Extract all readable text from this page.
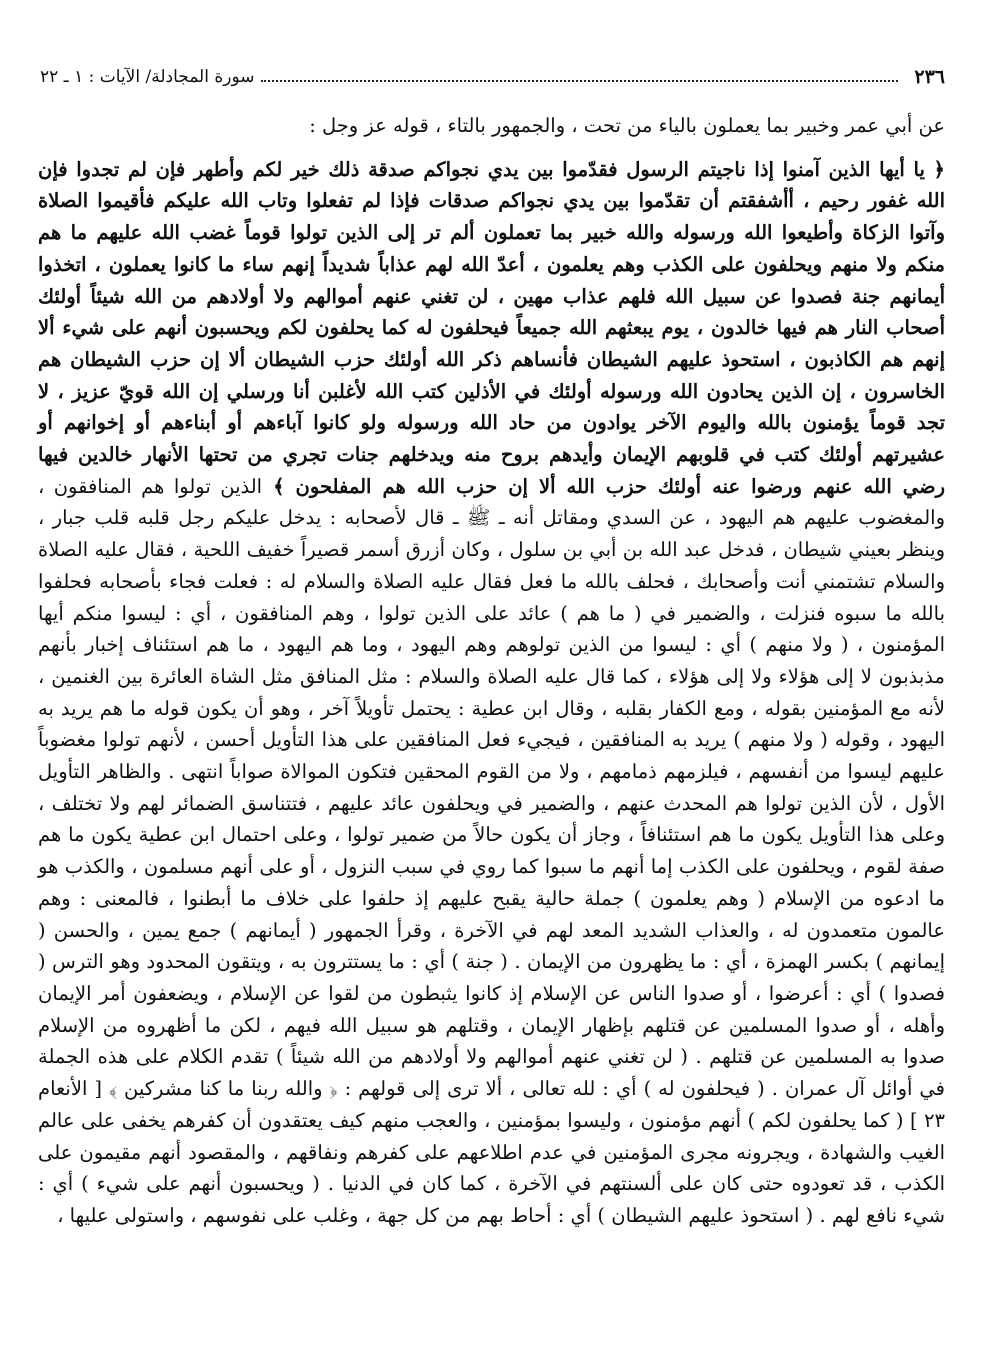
٢٣٦
سورة المجادلة/ الآيات : ١ ـ ٢٢

عن أبي عمر وخبير بما يعملون بالياء من تحت ، والجمهور بالتاء ، قوله عز وجل :

﴿ يا أيها الذين آمنوا إذا ناجيتم الرسول فقدّموا بين يدي نجواكم صدقة ذلك خير لكم وأطهر فإن لم تجدوا فإن الله غفور رحيم ، أأشفقتم أن تقدّموا بين يدي نجواكم صدقات فإذا لم تفعلوا وتاب الله عليكم فأقيموا الصلاة وآتوا الزكاة وأطيعوا الله ورسوله والله خبير بما تعملون ألم تر إلى الذين تولوا قوماً غضب الله عليهم ما هم منكم ولا منهم ويحلفون على الكذب وهم يعلمون ، أعدّ الله لهم عذاباً شديداً إنهم ساء ما كانوا يعملون ، اتخذوا أيمانهم جنة فصدوا عن سبيل الله فلهم عذاب مهين ، لن تغني عنهم أموالهم ولا أولادهم من الله شيئاً أولئك أصحاب النار هم فيها خالدون ، يوم يبعثهم الله جميعاً فيحلفون له كما يحلفون لكم ويحسبون أنهم على شيء ألا إنهم هم الكاذبون ، استحوذ عليهم الشيطان فأنساهم ذكر الله أولئك حزب الشيطان ألا إن حزب الشيطان هم الخاسرون ، إن الذين يحادون الله ورسوله أولئك في الأذلين كتب الله لأغلبن أنا ورسلي إن الله قويّ عزيز ، لا تجد قوماً يؤمنون بالله واليوم الآخر يوادون من حاد الله ورسوله ولو كانوا آباءهم أو أبناءهم أو إخوانهم أو عشيرتهم أولئك كتب في قلوبهم الإيمان وأيدهم بروح منه ويدخلهم جنات تجري من تحتها الأنهار خالدين فيها رضي الله عنهم ورضوا عنه أولئك حزب الله ألا إن حزب الله هم المفلحون ﴾ الذين تولوا هم المنافقون ، والمغضوب عليهم هم اليهود ، عن السدي ومقاتل أنه ـ ﷺ ـ قال لأصحابه : يدخل عليكم رجل قلبه قلب جبار ، وينظر بعيني شيطان ، فدخل عبد الله بن أبي بن سلول ، وكان أزرق أسمر قصيراً خفيف اللحية ، فقال عليه الصلاة والسلام تشتمني أنت وأصحابك ، فحلف بالله ما فعل فقال عليه الصلاة والسلام له : فعلت فجاء بأصحابه فحلفوا بالله ما سبوه فنزلت ، والضمير في ( ما هم ) عائد على الذين تولوا ، وهم المنافقون ، أي : ليسوا منكم أيها المؤمنون ، ( ولا منهم ) أي : ليسوا من الذين تولوهم وهم اليهود ، وما هم اليهود ، ما هم استئناف إخبار بأنهم مذبذبون لا إلى هؤلاء ولا إلى هؤلاء ، كما قال عليه الصلاة والسلام : مثل المنافق مثل الشاة العائرة بين الغنمين ، لأنه مع المؤمنين بقوله ، ومع الكفار بقلبه ، وقال ابن عطية : يحتمل تأويلاً آخر ، وهو أن يكون قوله ما هم يريد به اليهود ، وقوله ( ولا منهم ) يريد به المنافقين ، فيجيء فعل المنافقين على هذا التأويل أحسن ، لأنهم تولوا مغضوباً عليهم ليسوا من أنفسهم ، فيلزمهم ذمامهم ، ولا من القوم المحقين فتكون الموالاة صواباً انتهى . والظاهر التأويل الأول ، لأن الذين تولوا هم المحدث عنهم ، والضمير في ويحلفون عائد عليهم ، فتتناسق الضمائر لهم ولا تختلف ، وعلى هذا التأويل يكون ما هم استئنافاً ، وجاز أن يكون حالاً من ضمير تولوا ، وعلى احتمال ابن عطية يكون ما هم صفة لقوم ، ويحلفون على الكذب إما أنهم ما سبوا كما روي في سبب النزول ، أو على أنهم مسلمون ، والكذب هو ما ادعوه من الإسلام ( وهم يعلمون ) جملة حالية يقبح عليهم إذ حلفوا على خلاف ما أبطنوا ، فالمعنى : وهم عالمون متعمدون له ، والعذاب الشديد المعد لهم في الآخرة ، وقرأ الجمهور ( أيمانهم ) جمع يمين ، والحسن ( إيمانهم ) بكسر الهمزة ، أي : ما يظهرون من الإيمان . ( جنة ) أي : ما يستترون به ، ويتقون المحدود وهو الترس ( فصدوا ) أي : أعرضوا ، أو صدوا الناس عن الإسلام إذ كانوا يثبطون من لقوا عن الإسلام ، ويضعفون أمر الإيمان وأهله ، أو صدوا المسلمين عن قتلهم بإظهار الإيمان ، وقتلهم هو سبيل الله فيهم ، لكن ما أظهروه من الإسلام صدوا به المسلمين عن قتلهم . ( لن تغني عنهم أموالهم ولا أولادهم من الله شيئاً ) تقدم الكلام على هذه الجملة في أوائل آل عمران . ( فيحلفون له ) أي : لله تعالى ، ألا ترى إلى قولهم : ﴿ والله ربنا ما كنا مشركين ﴾ [ الأنعام ٢٣ ] ( كما يحلفون لكم ) أنهم مؤمنون ، وليسوا بمؤمنين ، والعجب منهم كيف يعتقدون أن كفرهم يخفى على عالم الغيب والشهادة ، ويجرونه مجرى المؤمنين في عدم اطلاعهم على كفرهم ونفاقهم ، والمقصود أنهم مقيمون على الكذب ، قد تعودوه حتى كان على ألسنتهم في الآخرة ، كما كان في الدنيا . ( ويحسبون أنهم على شيء ) أي : شيء نافع لهم . ( استحوذ عليهم الشيطان ) أي : أحاط بهم من كل جهة ، وغلب على نفوسهم ، واستولى عليها ،
